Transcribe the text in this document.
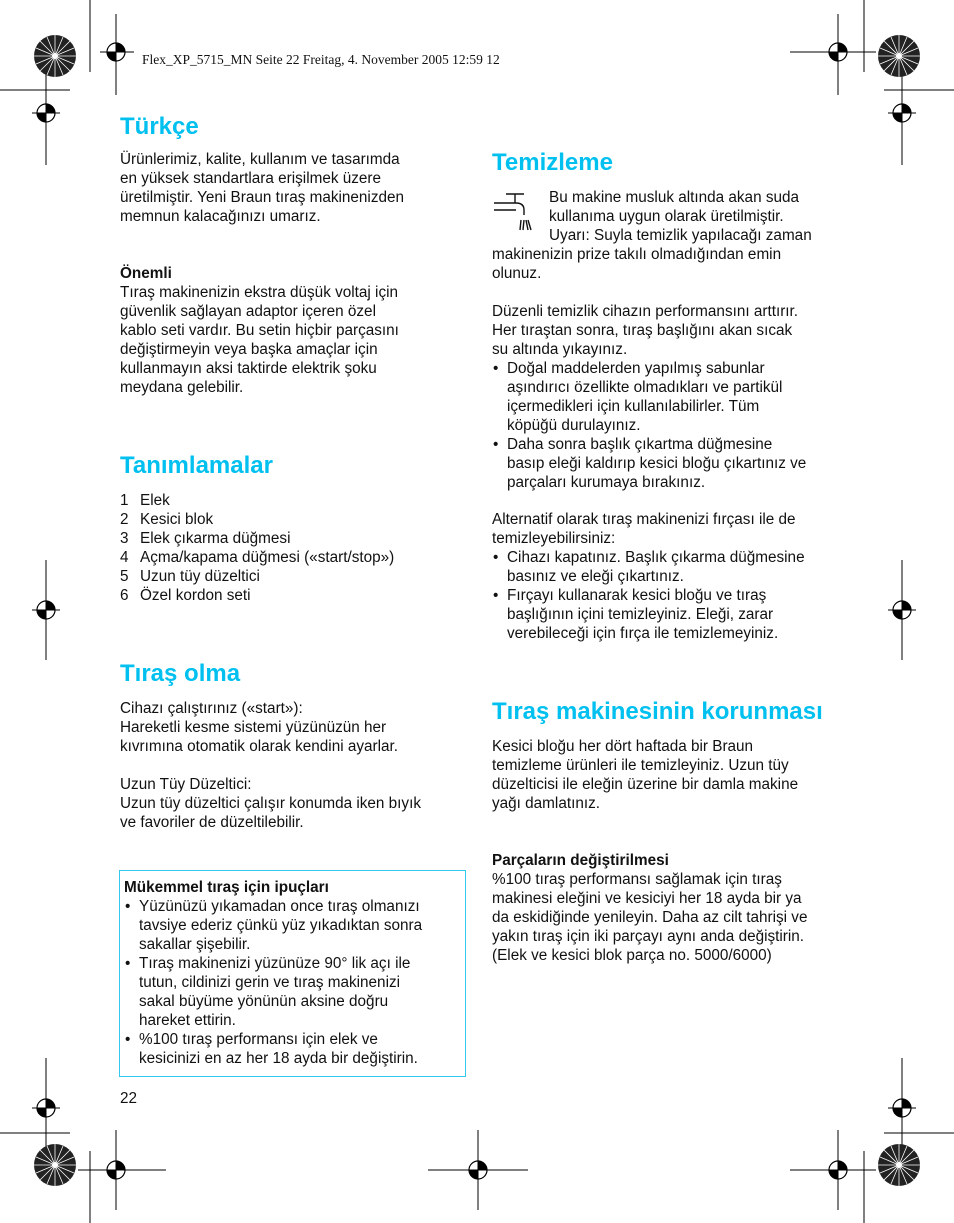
Flex_XP_5715_MN Seite 22 Freitag, 4. November 2005 12:59 12
Türkçe

Ürünlerimiz, kalite, kullanım ve tasarımda

en yüksek standartlara erişilmek üzere

üretilmiştir. Yeni Braun tıraş makinenizden

memnun kalacağınızı umarız.

Önemli

Tıraş makinenizin ekstra düşük voltaj için

güvenlik sağlayan adaptor içeren özel

kablo seti vardır. Bu setin hiçbir parçasını

değiştirmeyin veya başka amaçlar için

kullanmayın aksi taktirde elektrik şoku

meydana gelebilir.

Tanımlamalar
1 Elek
2 Kesici blok
3 Elek çıkarma düğmesi
4 Açma/kapama düğmesi («start/stop»)
5 Uzun tüy düzeltici
6 Özel kordon seti
Tıraş olma

Cihazı çalıştırınız («start»):

Hareketli kesme sistemi yüzünüzün her

kıvrımına otomatik olarak kendini ayarlar.

Uzun Tüy Düzeltici:

Uzun tüy düzeltici çalışır konumda iken bıyık

ve favoriler de düzeltilebilir.

Mükemmel tıraş için ipuçları

• Yüzünüzü yıkamadan once tıraş olmanızı
tavsiye ederiz çünkü yüz yıkadıktan sonra
sakallar şişebilir.
• Tıraş makinenizi yüzünüze 90° lik açı ile
tutun, cildinizi gerin ve tıraş makinenizi
sakal büyüme yönünün aksine doğru
hareket ettirin.
• %100 tıraş performansı için elek ve
kesicinizi en az her 18 ayda bir değiştirin.
22
Temizleme

Bu makine musluk altında akan suda

kullanıma uygun olarak üretilmiştir.

Uyarı: Suyla temizlik yapılacağı zaman

makinenizin prize takılı olmadığından emin

olunuz.

Düzenli temizlik cihazın performansını arttırır.

Her tıraştan sonra, tıraş başlığını akan sıcak

su altında yıkayınız.

• Doğal maddelerden yapılmış sabunlar
aşındırıcı özellikte olmadıkları ve partikül
içermedikleri için kullanılabilirler. Tüm
köpüğü durulayınız.
• Daha sonra başlık çıkartma düğmesine
basıp eleği kaldırıp kesici bloğu çıkartınız ve
parçaları kurumaya bırakınız.

Alternatif olarak tıraş makinenizi fırçası ile de

temizleyebilirsiniz:

• Cihazı kapatınız. Başlık çıkarma düğmesine
basınız ve eleği çıkartınız.
• Fırçayı kullanarak kesici bloğu ve tıraş
başlığının içini temizleyiniz. Eleği, zarar
verebileceği için fırça ile temizlemeyiniz.
Tıraş makinesinin korunması

Kesici bloğu her dört haftada bir Braun

temizleme ürünleri ile temizleyiniz. Uzun tüy

düzelticisi ile eleğin üzerine bir damla makine

yağı damlatınız.

Parçaların değiştirilmesi

%100 tıraş performansı sağlamak için tıraş

makinesi eleğini ve kesiciyi her 18 ayda bir ya

da eskidiğinde yenileyin. Daha az cilt tahrişi ve

yakın tıraş için iki parçayı aynı anda değiştirin.

(Elek ve kesici blok parça no. 5000/6000)
